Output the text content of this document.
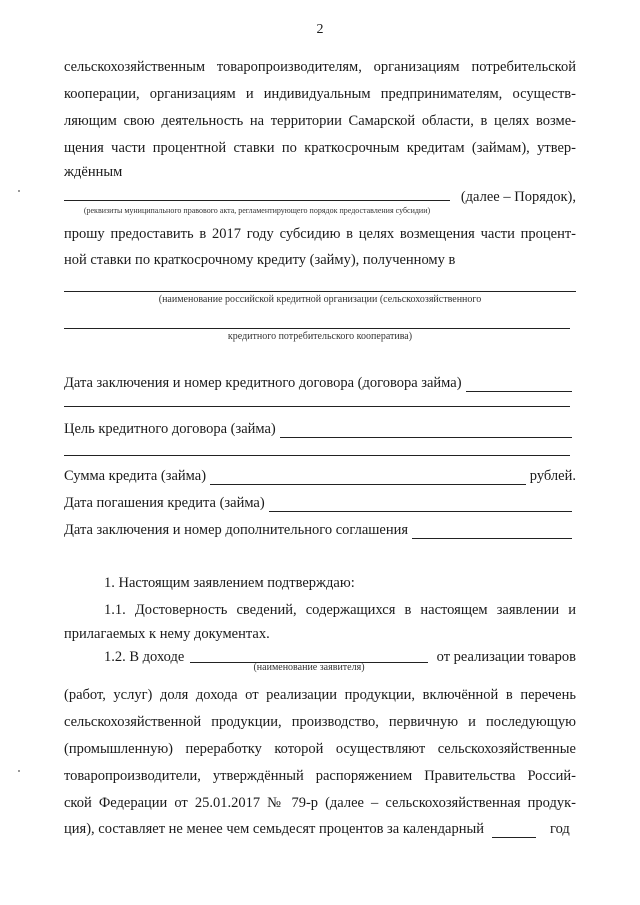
2
сельскохозяйственным товаропроизводителям, организациям потребительской
кооперации, организациям и индивидуальным предпринимателям, осуществ-
ляющим свою деятельность на территории Самарской области, в целях возме-
щения части процентной ставки по краткосрочным кредитам (займам), утвер-
ждённым
(далее – Порядок),
(реквизиты муниципального правового акта, регламентирующего порядок предоставления субсидии)
прошу предоставить в 2017 году субсидию в целях возмещения части процент-
ной ставки по краткосрочному кредиту (займу), полученному в
(наименование российской кредитной организации (сельскохозяйственного
кредитного потребительского кооператива)
Дата заключения и номер кредитного договора (договора займа)
Цель кредитного договора (займа)
Сумма кредита (займа)	рублей.
Дата погашения кредита (займа)
Дата заключения и номер дополнительного соглашения
1. Настоящим заявлением подтверждаю:
1.1. Достоверность сведений, содержащихся в настоящем заявлении и
прилагаемых к нему документах.
1.2. В доходе	от реализации товаров
(наименование заявителя)
(работ, услуг) доля дохода от реализации продукции, включённой в перечень
сельскохозяйственной продукции, производство, первичную и последующую
(промышленную) переработку которой осуществляют сельскохозяйственные
товаропроизводители, утверждённый распоряжением Правительства Россий-
ской Федерации от 25.01.2017 № 79-р (далее – сельскохозяйственная продук-
ция), составляет не менее чем семьдесят процентов за календарный	год
